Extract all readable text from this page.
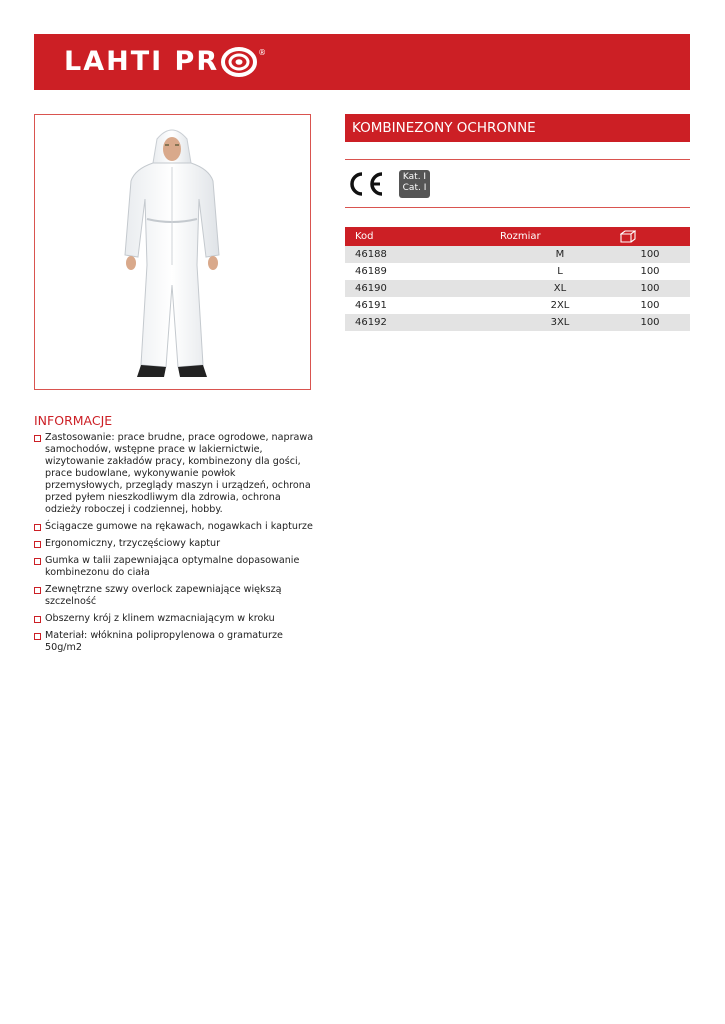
LAHTI PR	®
KOMBINEZONY OCHRONNE
Kat. I
Cat. I
Kod	Rozmiar	
46188	M	100
46189	L	100
46190	XL	100
46191	2XL	100
46192	3XL	100
INFORMACJE
Zastosowanie: prace brudne, prace ogrodowe, naprawa samochodów, wstępne prace w lakiernictwie, wizytowanie zakładów pracy, kombinezony dla gości, prace budowlane, wykonywanie powłok przemysłowych, przeglądy maszyn i urządzeń, ochrona przed pyłem nieszkodliwym dla zdrowia, ochrona odzieży roboczej i codziennej, hobby.
Ściągacze gumowe na rękawach, nogawkach i kapturze
Ergonomiczny, trzyczęściowy kaptur
Gumka w talii zapewniająca optymalne dopasowanie kombinezonu do ciała
Zewnętrzne szwy overlock zapewniające większą szczelność
Obszerny krój z klinem wzmacniającym w kroku
Materiał: włóknina polipropylenowa o gramaturze 50g/m2
